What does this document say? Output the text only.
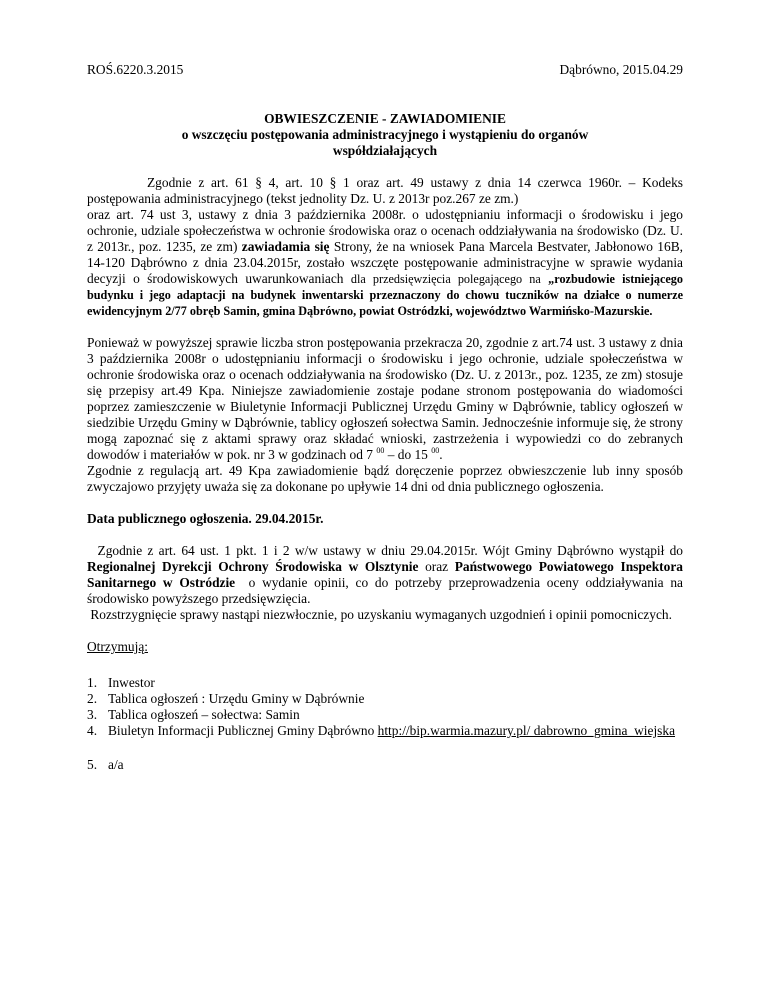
ROŚ.6220.3.2015	Dąbrówno, 2015.04.29
OBWIESZCZENIE - ZAWIADOMIENIE
o wszczęciu postępowania administracyjnego i wystąpieniu do organów
współdziałających
Zgodnie z art. 61 § 4, art. 10 § 1 oraz art. 49 ustawy z dnia 14 czerwca 1960r. – Kodeks postępowania administracyjnego (tekst jednolity Dz. U. z 2013r poz.267 ze zm.)
oraz art. 74 ust 3, ustawy z dnia 3 października 2008r. o udostępnianiu informacji o środowisku i jego ochronie, udziale społeczeństwa w ochronie środowiska oraz o ocenach oddziaływania na środowisko (Dz. U. z 2013r., poz. 1235, ze zm) zawiadamia się Strony, że na wniosek Pana Marcela Bestvater, Jabłonowo 16B, 14-120 Dąbrówno z dnia 23.04.2015r, zostało wszczęte postępowanie administracyjne w sprawie wydania decyzji o środowiskowych uwarunkowaniach dla przedsięwzięcia polegającego na „rozbudowie istniejącego budynku i jego adaptacji na budynek inwentarski przeznaczony do chowu tuczników na działce o numerze ewidencyjnym 2/77 obręb Samin, gmina Dąbrówno, powiat Ostródzki, województwo Warmińsko-Mazurskie.
Ponieważ w powyższej sprawie liczba stron postępowania przekracza 20, zgodnie z art.74 ust. 3 ustawy z dnia 3 października 2008r o udostępnianiu informacji o środowisku i jego ochronie, udziale społeczeństwa w ochronie środowiska oraz o ocenach oddziaływania na środowisko (Dz. U. z 2013r., poz. 1235, ze zm) stosuje się przepisy art.49 Kpa. Niniejsze zawiadomienie zostaje podane stronom postępowania do wiadomości poprzez zamieszczenie w Biuletynie Informacji Publicznej Urzędu Gminy w Dąbrównie, tablicy ogłoszeń w siedzibie Urzędu Gminy w Dąbrównie, tablicy ogłoszeń sołectwa Samin. Jednocześnie informuje się, że strony mogą zapoznać się z aktami sprawy oraz składać wnioski, zastrzeżenia i wypowiedzi co do zebranych dowodów i materiałów w pok. nr 3 w godzinach od 7 $^{00}$ – do 15 $^{00}$.
Zgodnie z regulacją art. 49 Kpa zawiadomienie bądź doręczenie poprzez obwieszczenie lub inny sposób zwyczajowo przyjęty uważa się za dokonane po upływie 14 dni od dnia publicznego ogłoszenia.
Data publicznego ogłoszenia. 29.04.2015r.
Zgodnie z art. 64 ust. 1 pkt. 1 i 2 w/w ustawy w dniu 29.04.2015r. Wójt Gminy Dąbrówno wystąpił do Regionalnej Dyrekcji Ochrony Środowiska w Olsztynie oraz Państwowego Powiatowego Inspektora Sanitarnego w Ostródzie o wydanie opinii, co do potrzeby przeprowadzenia oceny oddziaływania na środowisko powyższego przedsięwzięcia.
Rozstrzygnięcie sprawy nastąpi niezwłocznie, po uzyskaniu wymaganych uzgodnień i opinii pomocniczych.
Otrzymują:
1. Inwestor
2. Tablica ogłoszeń : Urzędu Gminy w Dąbrównie
3. Tablica ogłoszeń – sołectwa: Samin
4. Biuletyn Informacji Publicznej Gminy Dąbrówno http://bip.warmia.mazury.pl/ dabrowno_gmina_wiejska
5. a/a
